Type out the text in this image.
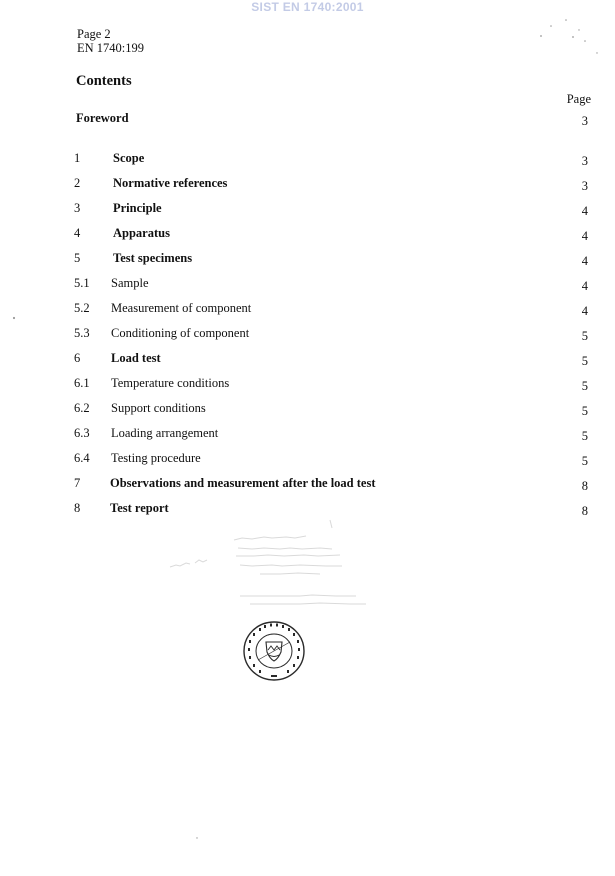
SIST EN 1740:2001
Page 2
EN 1740:199
Contents
Page
Foreword	3
1	Scope	3
2	Normative references	3
3	Principle	4
4	Apparatus	4
5	Test specimens	4
5.1 Sample	4
5.2 Measurement of component	4
5.3 Conditioning of component	5
6 Load test	5
6.1 Temperature conditions	5
6.2 Support conditions	5
6.3 Loading arrangement	5
6.4 Testing procedure	5
7 Observations and measurement after the load test	8
8 Test report	8
